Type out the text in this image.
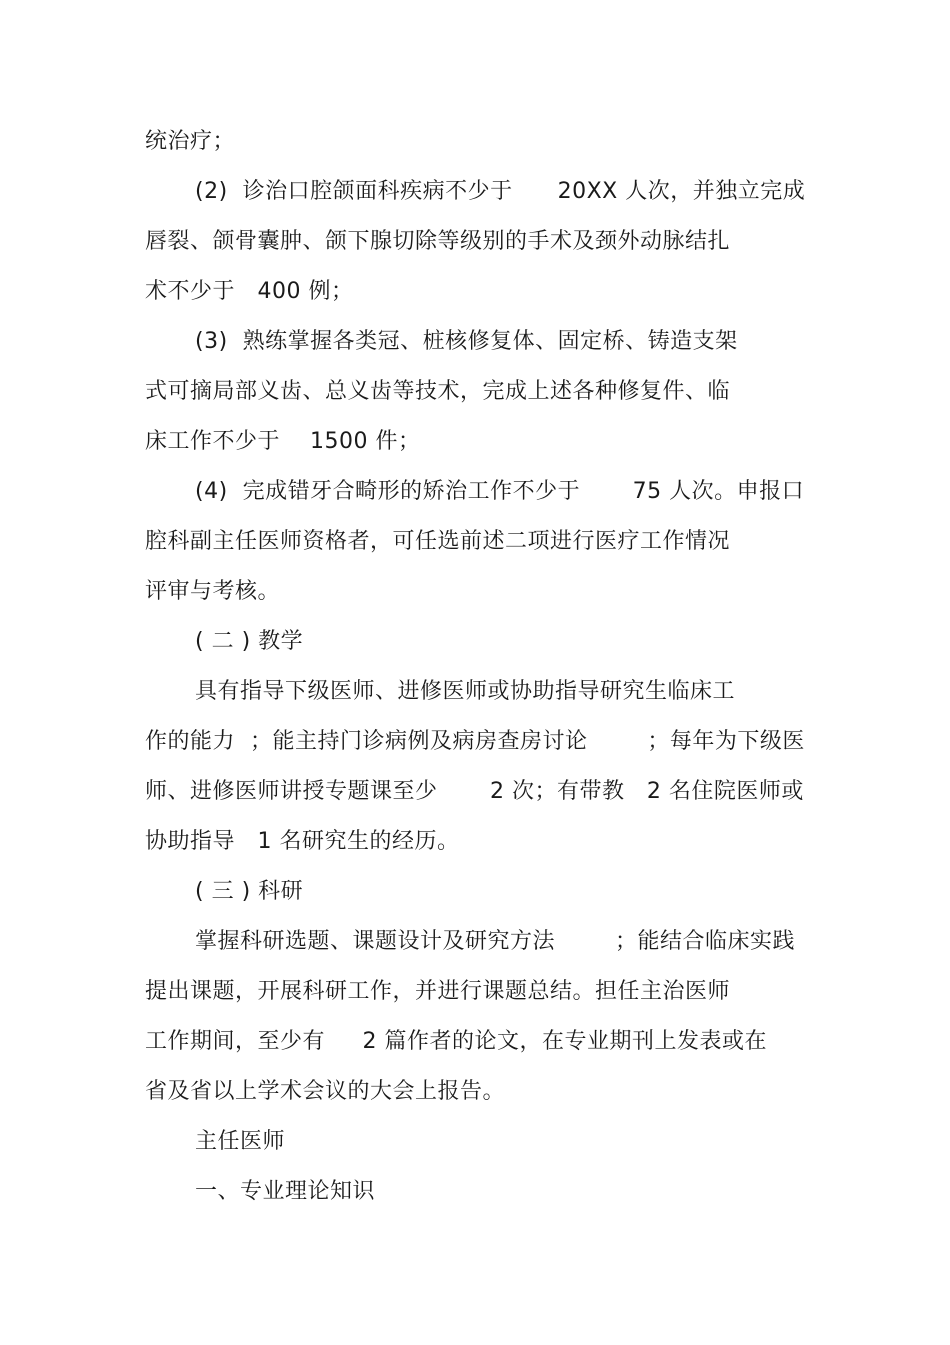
统治疗；
(2)  诊治口腔颌面科疾病不少于      20XX 人次，并独立完成
唇裂、颌骨囊肿、颌下腺切除等级别的手术及颈外动脉结扎
术不少于   400 例；
(3)  熟练掌握各类冠、桩核修复体、固定桥、铸造支架
式可摘局部义齿、总义齿等技术，完成上述各种修复件、临
床工作不少于    1500 件；
(4)  完成错牙合畸形的矫治工作不少于       75 人次。申报口
腔科副主任医师资格者，可任选前述二项进行医疗工作情况
评审与考核。
( 二 ) 教学
具有指导下级医师、进修医师或协助指导研究生临床工
作的能力  ；能主持门诊病例及病房查房讨论        ；每年为下级医
师、进修医师讲授专题课至少       2 次；有带教   2 名住院医师或
协助指导   1 名研究生的经历。
( 三 ) 科研
掌握科研选题、课题设计及研究方法        ；能结合临床实践
提出课题，开展科研工作，并进行课题总结。担任主治医师
工作期间，至少有     2 篇作者的论文，在专业期刊上发表或在
省及省以上学术会议的大会上报告。
主任医师
一、专业理论知识
